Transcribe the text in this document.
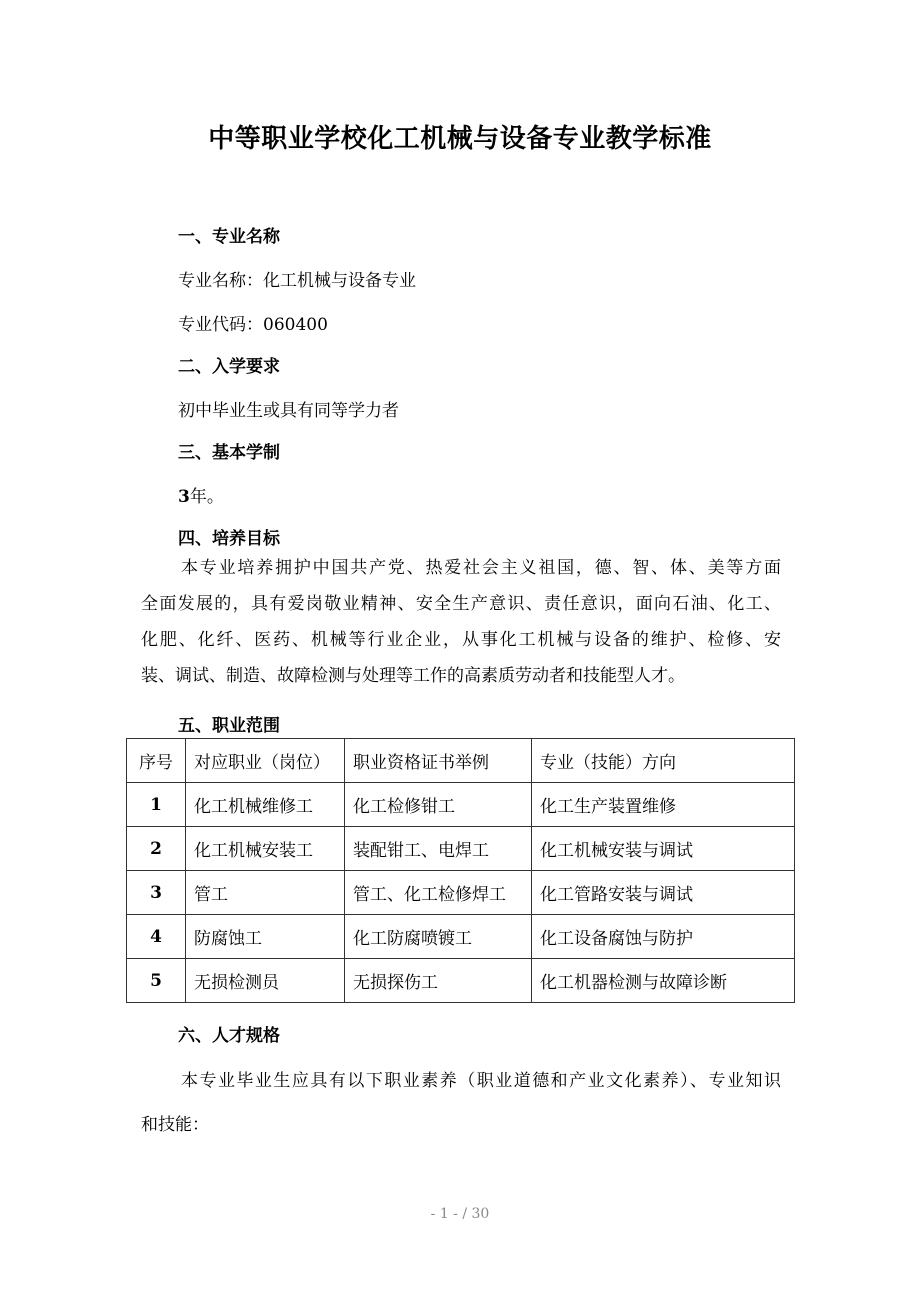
中等职业学校化工机械与设备专业教学标准
一、专业名称
专业名称：化工机械与设备专业
专业代码：060400
二、入学要求
初中毕业生或具有同等学力者
三、基本学制
3年。
四、培养目标
本专业培养拥护中国共产党、热爱社会主义祖国，德、智、体、美等方面
全面发展的，具有爱岗敬业精神、安全生产意识、责任意识，面向石油、化工、
化肥、化纤、医药、机械等行业企业，从事化工机械与设备的维护、检修、安
装、调试、制造、故障检测与处理等工作的高素质劳动者和技能型人才。
五、职业范围
序号	对应职业（岗位）	职业资格证书举例	专业（技能）方向
1	化工机械维修工	化工检修钳工	化工生产装置维修
2	化工机械安装工	装配钳工、电焊工	化工机械安装与调试
3	管工	管工、化工检修焊工	化工管路安装与调试
4	防腐蚀工	化工防腐喷镀工	化工设备腐蚀与防护
5	无损检测员	无损探伤工	化工机器检测与故障诊断
六、人才规格
本专业毕业生应具有以下职业素养（职业道德和产业文化素养）、专业知识
和技能：
- 1 - / 30
